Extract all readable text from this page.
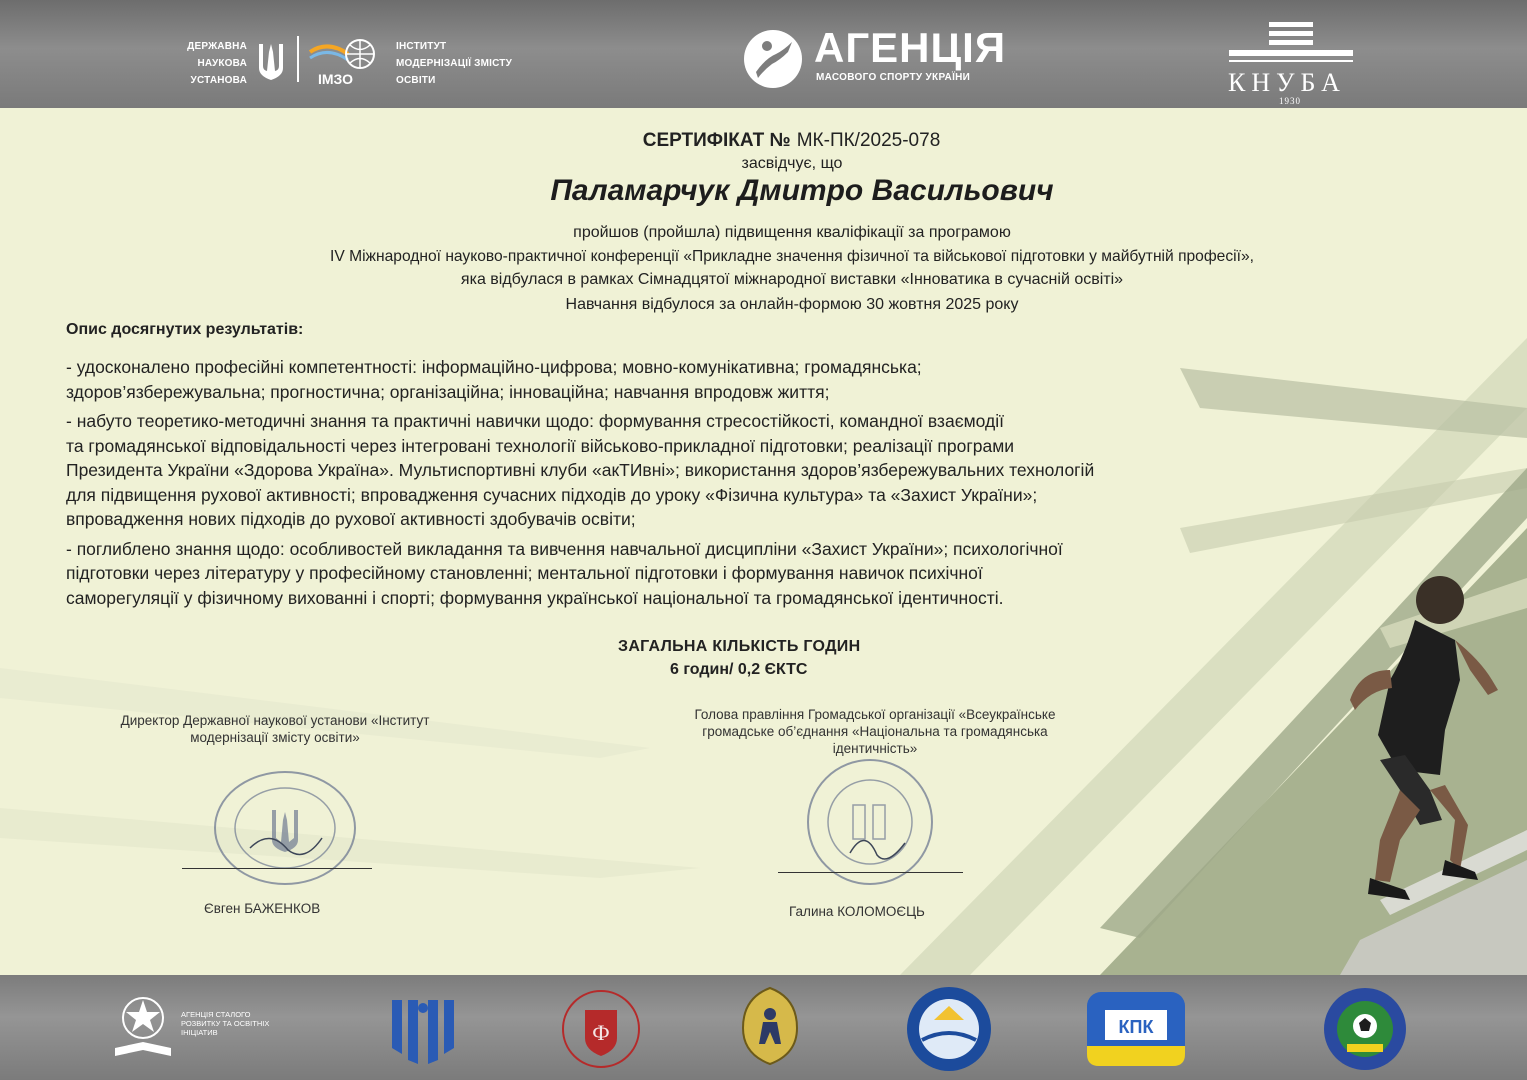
ДЕРЖАВНА
НАУКОВА
УСТАНОВА	ІМЗО
ІНСТИТУТ
МОДЕРНІЗАЦІЇ ЗМІСТУ
ОСВІТИ
АГЕНЦІЯ
МАСОВОГО СПОРТУ УКРАЇНИ	КНУБА
1930
СЕРТИФІКАТ № МК-ПК/2025-078
засвідчує, що
Паламарчук Дмитро Васильович
пройшов (пройшла) підвищення кваліфікації за програмою
IV Міжнародної науково-практичної конференції «Прикладне значення фізичної та військової підготовки у майбутній професії»,
яка відбулася в рамках Сімнадцятої міжнародної виставки «Інноватика в сучасній освіті»
Навчання відбулося за онлайн-формою 30 жовтня 2025 року
Опис досягнутих результатів:
- удосконалено професійні компетентності: інформаційно-цифрова; мовно-комунікативна; громадянська;
здоров’язбережувальна; прогностична; організаційна; інноваційна; навчання впродовж життя;
- набуто теоретико-методичні знання та практичні навички щодо: формування стресостійкості, командної взаємодії
та громадянської відповідальності через інтегровані технології військово-прикладної підготовки; реалізації програми
Президента України «Здорова Україна». Мультиспортивні клуби «акТИвні»; використання здоров’язбережувальних технологій
для підвищення рухової активності; впровадження сучасних підходів до уроку «Фізична культура» та «Захист України»;
впровадження нових підходів до рухової активності здобувачів освіти;
- поглиблено знання щодо: особливостей викладання та вивчення навчальної дисципліни «Захист України»; психологічної
підготовки через літературу у професійному становленні; ментальної підготовки і формування навичок психічної
саморегуляції у фізичному вихованні і спорті; формування української національної та громадянської ідентичності.
ЗАГАЛЬНА КІЛЬКІСТЬ ГОДИН
6 годин/ 0,2 ЄКТС
Директор Державної наукової установи «Інститут
модернізації змісту освіти»
Євген БАЖЕНКОВ
Голова правління Громадської організації «Всеукраїнське
громадське об’єднання «Національна та громадянська
ідентичність»
Галина КОЛОМОЄЦЬ
АГЕНЦІЯ СТАЛОГО
РОЗВИТКУ ТА ОСВІТНІХ
ІНІЦІАТИВ	Ф	КПК
